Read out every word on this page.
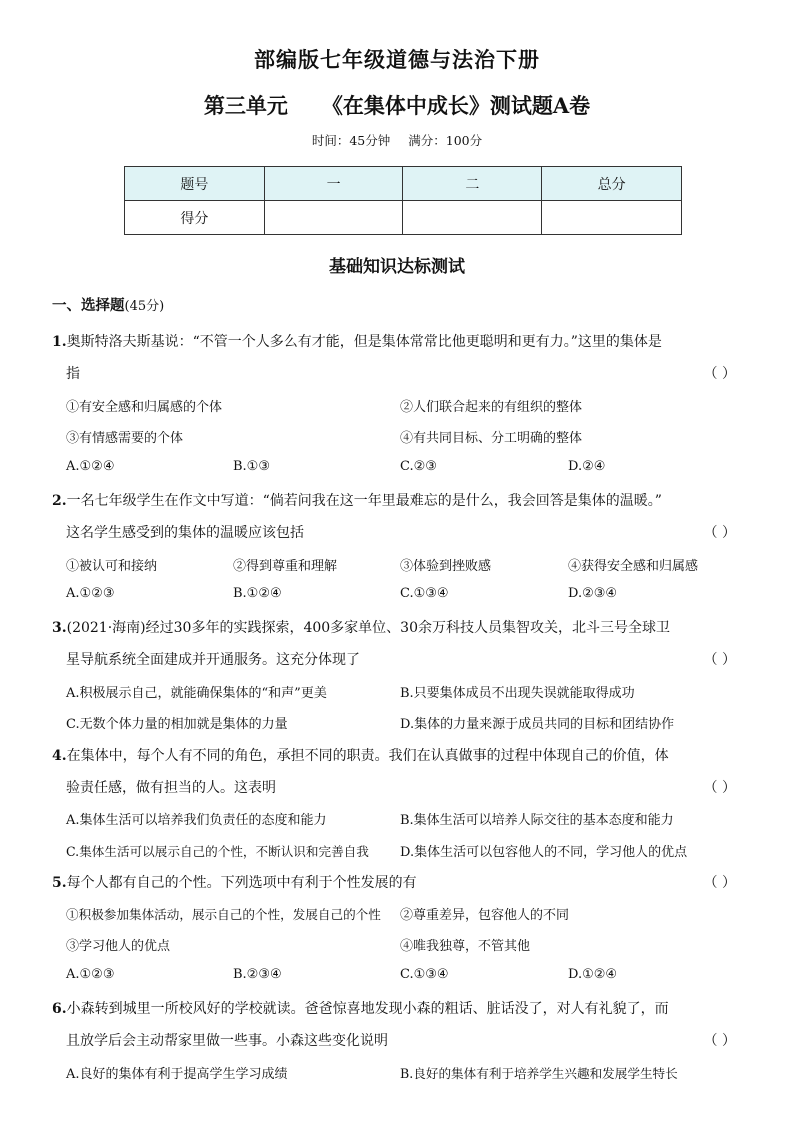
部编版七年级道德与法治下册
第三单元 《在集体中成长》测试题A卷
时间：45分钟 满分：100分
题号	一	二	总分
得分			
基础知识达标测试
一、选择题(45分)
1.奥斯特洛夫斯基说：“不管一个人多么有才能，但是集体常常比他更聪明和更有力。”这里的集体是
指	（ ）
①有安全感和归属感的个体	②人们联合起来的有组织的整体
③有情感需要的个体	④有共同目标、分工明确的整体
A.①②④	B.①③	C.②③	D.②④
2.一名七年级学生在作文中写道：“倘若问我在这一年里最难忘的是什么，我会回答是集体的温暖。”
这名学生感受到的集体的温暖应该包括	（ ）
①被认可和接纳	②得到尊重和理解	③体验到挫败感	④获得安全感和归属感
A.①②③	B.①②④	C.①③④	D.②③④
3.(2021·海南)经过30多年的实践探索，400多家单位、30余万科技人员集智攻关，北斗三号全球卫
星导航系统全面建成并开通服务。这充分体现了	（ ）
A.积极展示自己，就能确保集体的“和声”更美	B.只要集体成员不出现失误就能取得成功
C.无数个体力量的相加就是集体的力量	D.集体的力量来源于成员共同的目标和团结协作
4.在集体中，每个人有不同的角色，承担不同的职责。我们在认真做事的过程中体现自己的价值，体
验责任感，做有担当的人。这表明	（ ）
A.集体生活可以培养我们负责任的态度和能力	B.集体生活可以培养人际交往的基本态度和能力
C.集体生活可以展示自己的个性，不断认识和完善自我 D.集体生活可以包容他人的不同，学习他人的优点
5.每个人都有自己的个性。下列选项中有利于个性发展的有	（ ）
①积极参加集体活动，展示自己的个性，发展自己的个性 ②尊重差异，包容他人的不同
③学习他人的优点	④唯我独尊，不管其他
A.①②③	B.②③④	C.①③④	D.①②④
6.小森转到城里一所校风好的学校就读。爸爸惊喜地发现小森的粗话、脏话没了，对人有礼貌了，而
且放学后会主动帮家里做一些事。小森这些变化说明	（ ）
A.良好的集体有利于提高学生学习成绩	B.良好的集体有利于培养学生兴趣和发展学生特长
